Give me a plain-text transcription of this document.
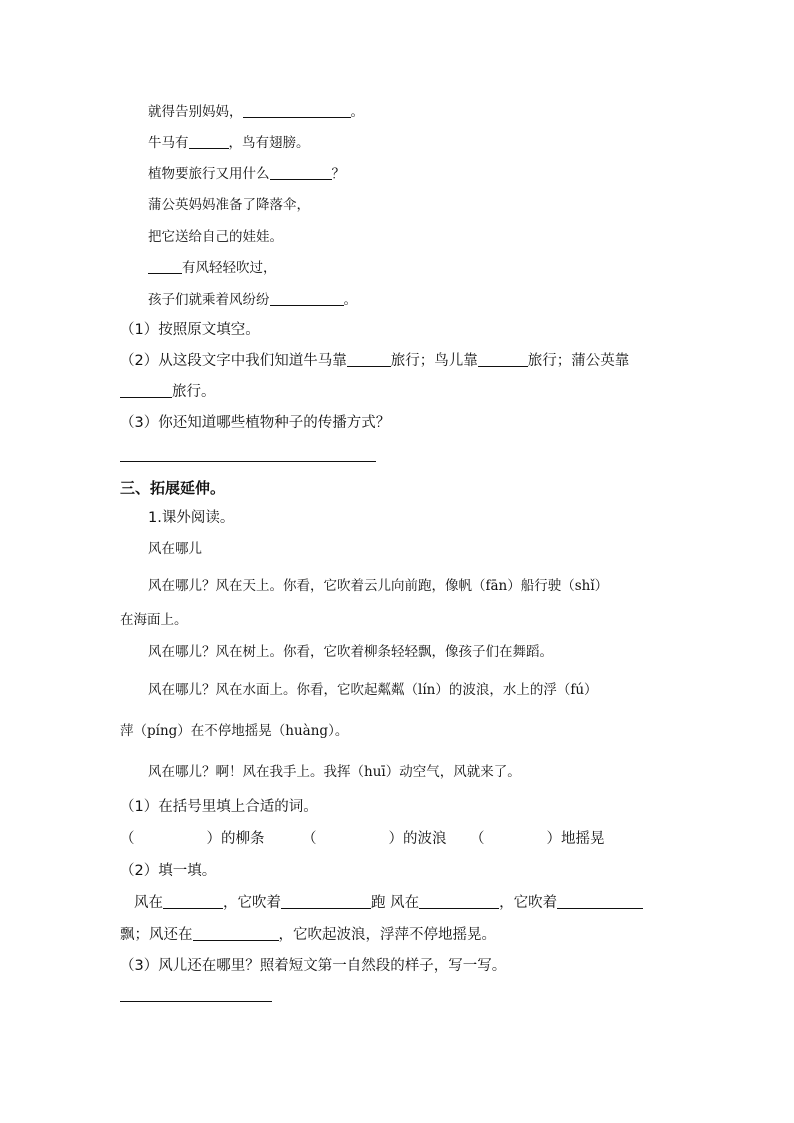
就得告别妈妈，	。
牛马有	，鸟有翅膀。
植物要旅行又用什么	？
蒲公英妈妈准备了降落伞，
把它送给自己的娃娃。
有风轻轻吹过，
孩子们就乘着风纷纷	。
（1）按照原文填空。
（2）从这段文字中我们知道牛马靠	旅行；鸟儿靠	旅行；蒲公英靠
旅行。
（3）你还知道哪些植物种子的传播方式？
三、拓展延伸。
1.课外阅读。
风在哪儿
风在哪儿？风在天上。你看，它吹着云儿向前跑，像帆（fān）船行驶（shǐ）
在海面上。
风在哪儿？风在树上。你看，它吹着柳条轻轻飘，像孩子们在舞蹈。
风在哪儿？风在水面上。你看，它吹起粼粼（lín）的波浪，水上的浮（fú）
萍（píng）在不停地摇晃（huàng）。
风在哪儿？啊！风在我手上。我挥（huī）动空气，风就来了。
（1）在括号里填上合适的词。
（	）的柳条	（	）的波浪 （	）地摇晃
（2）填一填。
风在	，它吹着	跑 风在	，它吹着
飘；风还在	，它吹起波浪，浮萍不停地摇晃。
（3）风儿还在哪里？照着短文第一自然段的样子，写一写。
